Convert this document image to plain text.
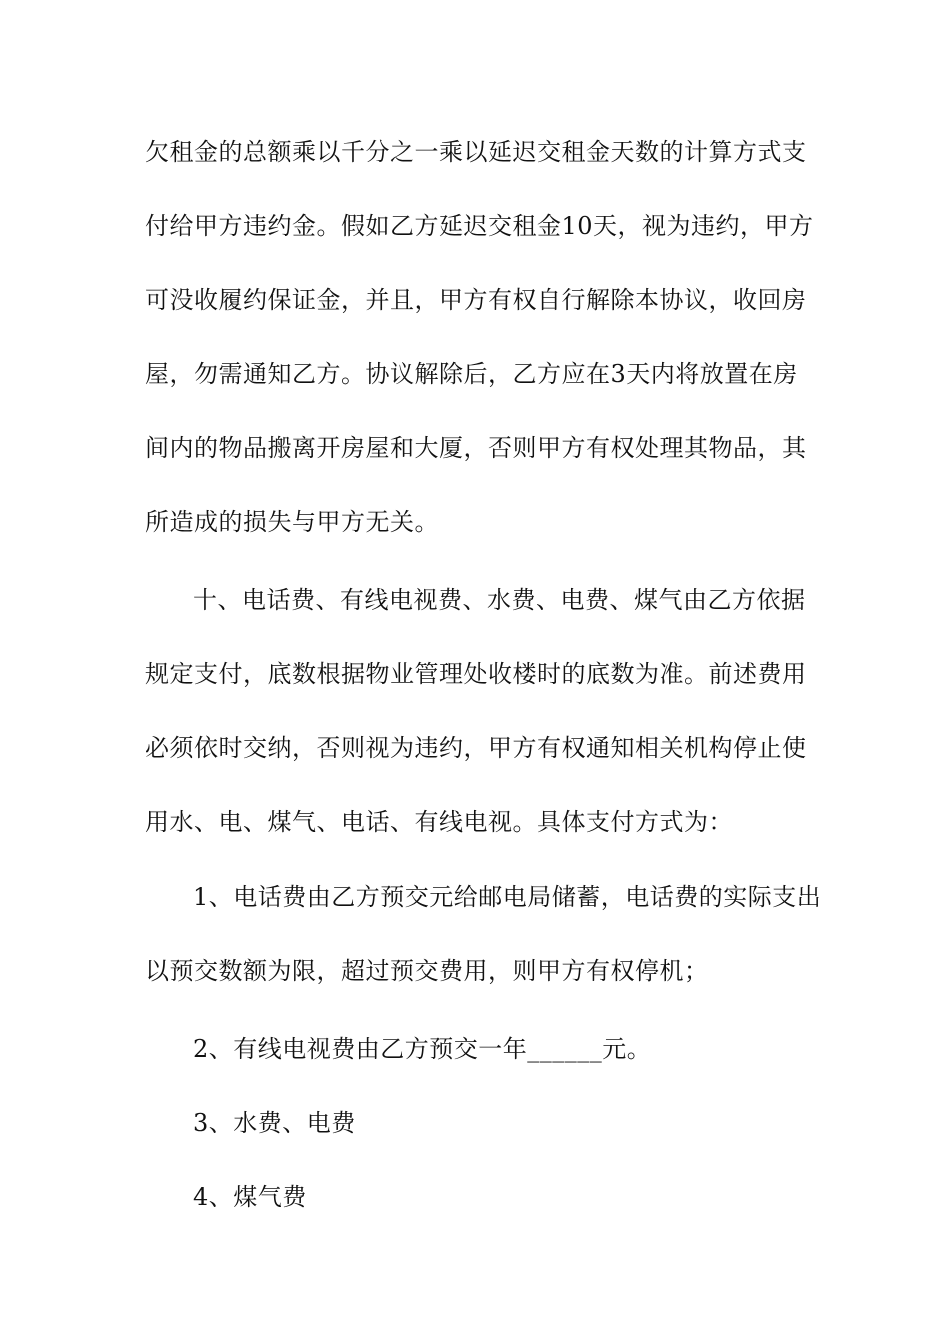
欠租金的总额乘以千分之一乘以延迟交租金天数的计算方式支
付给甲方违约金。假如乙方延迟交租金10天，视为违约，甲方
可没收履约保证金，并且，甲方有权自行解除本协议，收回房
屋，勿需通知乙方。协议解除后，乙方应在3天内将放置在房
间内的物品搬离开房屋和大厦，否则甲方有权处理其物品，其
所造成的损失与甲方无关。
十、电话费、有线电视费、水费、电费、煤气由乙方依据
规定支付，底数根据物业管理处收楼时的底数为准。前述费用
必须依时交纳，否则视为违约，甲方有权通知相关机构停止使
用水、电、煤气、电话、有线电视。具体支付方式为：
1、电话费由乙方预交元给邮电局储蓄，电话费的实际支出
以预交数额为限，超过预交费用，则甲方有权停机；
2、有线电视费由乙方预交一年______元。
3、水费、电费
4、煤气费
